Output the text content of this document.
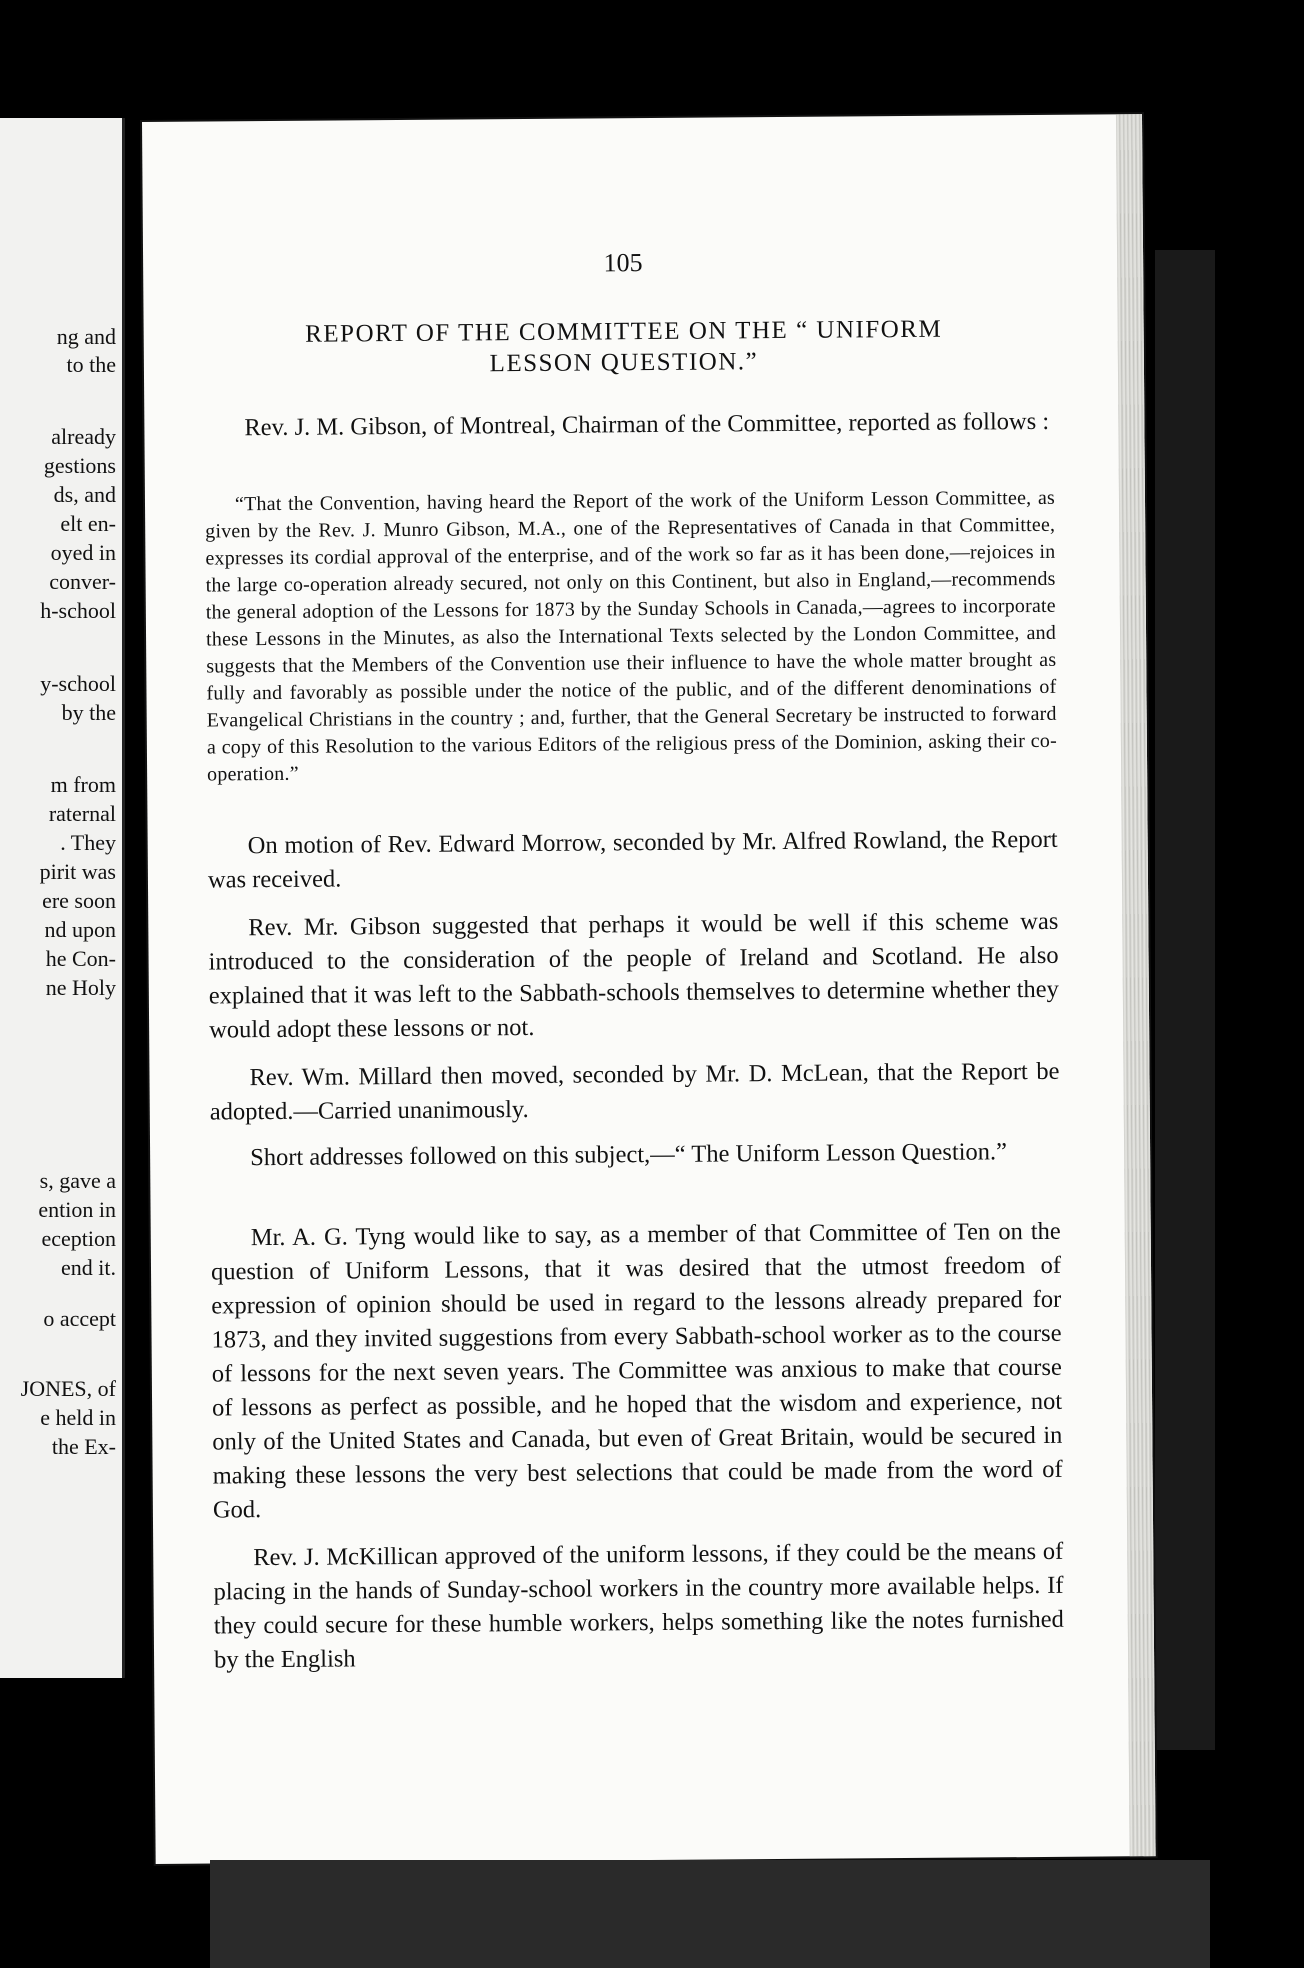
ng and
to the
already
gestions
ds, and
elt en-
oyed in
conver-
h-school
y-school
by the
m from
raternal
. They
pirit was
ere soon
nd upon
he Con-
ne Holy
s, gave a
ention in
eception
end it.
o accept
JONES, of
e held in
the Ex-
105
REPORT OF THE COMMITTEE ON THE “ UNIFORM
LESSON QUESTION.”
Rev. J. M. Gibson, of Montreal, Chairman of the Committee, reported as follows :
“That the Convention, having heard the Report of the work of the Uniform Lesson Committee, as given by the Rev. J. Munro Gibson, M.A., one of the Representatives of Canada in that Committee, expresses its cordial approval of the enterprise, and of the work so far as it has been done,—rejoices in the large co-operation already secured, not only on this Continent, but also in England,—recommends the general adoption of the Lessons for 1873 by the Sunday Schools in Canada,—agrees to incorporate these Lessons in the Minutes, as also the International Texts selected by the London Committee, and suggests that the Members of the Convention use their influence to have the whole matter brought as fully and favorably as possible under the notice of the public, and of the different denominations of Evangelical Christians in the country ; and, further, that the General Secretary be instructed to forward a copy of this Resolution to the various Editors of the religious press of the Dominion, asking their co-operation.”
On motion of Rev. Edward Morrow, seconded by Mr. Alfred Rowland, the Report was received.
Rev. Mr. Gibson suggested that perhaps it would be well if this scheme was introduced to the consideration of the people of Ireland and Scotland. He also explained that it was left to the Sabbath-schools themselves to determine whether they would adopt these lessons or not.
Rev. Wm. Millard then moved, seconded by Mr. D. McLean, that the Report be adopted.—Carried unanimously.
Short addresses followed on this subject,—“ The Uniform Lesson Question.”
Mr. A. G. Tyng would like to say, as a member of that Committee of Ten on the question of Uniform Lessons, that it was desired that the utmost freedom of expression of opinion should be used in regard to the lessons already prepared for 1873, and they invited suggestions from every Sabbath-school worker as to the course of lessons for the next seven years. The Committee was anxious to make that course of lessons as perfect as possible, and he hoped that the wisdom and experience, not only of the United States and Canada, but even of Great Britain, would be secured in making these lessons the very best selections that could be made from the word of God.
Rev. J. McKillican approved of the uniform lessons, if they could be the means of placing in the hands of Sunday-school workers in the country more available helps. If they could secure for these humble workers, helps something like the notes furnished by the English
